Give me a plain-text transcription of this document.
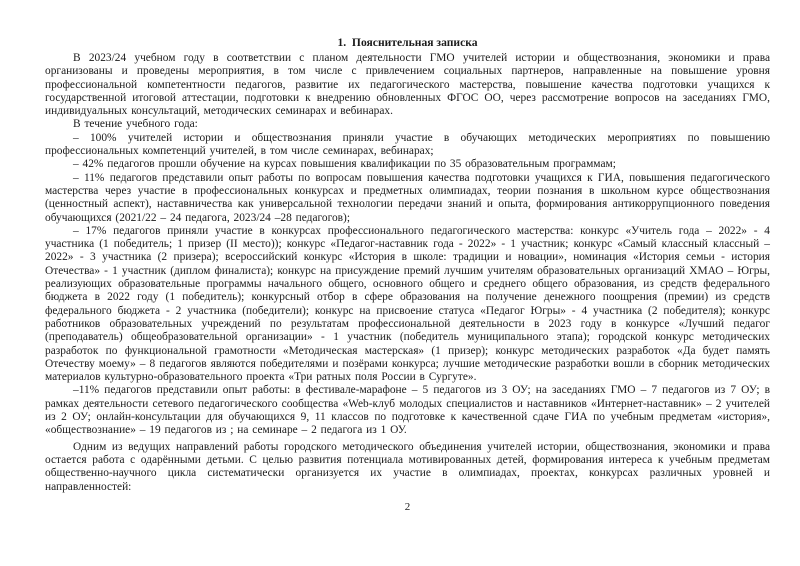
1.  Пояснительная записка

В 2023/24 учебном году в соответствии с планом деятельности ГМО учителей истории и обществознания, экономики и права организованы и проведены мероприятия, в том числе с привлечением социальных партнеров, направленные на повышение уровня профессиональной компетентности педагогов, развитие их педагогического мастерства, повышение качества подготовки учащихся к государственной итоговой аттестации, подготовки к внедрению обновленных ФГОС ОО, через рассмотрение вопросов на заседаниях ГМО, индивидуальных консультаций, методических семинарах и вебинарах.

В течение учебного года:

– 100% учителей истории и обществознания приняли участие в обучающих методических мероприятиях по повышению профессиональных компетенций учителей, в том числе семинарах, вебинарах;

– 42% педагогов прошли обучение на курсах повышения квалификации по 35 образовательным программам;

– 11% педагогов представили опыт работы по вопросам повышения качества подготовки учащихся к ГИА, повышения педагогического мастерства через участие в профессиональных конкурсах и предметных олимпиадах, теории познания в школьном курсе обществознания (ценностный аспект), наставничества как универсальной технологии передачи знаний и опыта, формирования антикоррупционного поведения обучающихся (2021/22 – 24 педагога, 2023/24 –28 педагогов);

– 17% педагогов приняли участие в конкурсах профессионального педагогического мастерства: конкурс «Учитель года – 2022» - 4 участника (1 победитель; 1 призер (II место)); конкурс «Педагог-наставник года - 2022» - 1 участник; конкурс «Самый классный классный – 2022» - 3 участника (2 призера); всероссийский конкурс «История в школе: традиции и новации», номинация «История семьи - история Отечества» - 1 участник (диплом финалиста); конкурс на присуждение премий лучшим учителям образовательных организаций ХМАО – Югры, реализующих образовательные программы начального общего, основного общего и среднего общего образования, из средств федерального бюджета в 2022 году (1 победитель); конкурсный отбор в сфере образования на получение денежного поощрения (премии) из средств федерального бюджета - 2 участника (победители); конкурс на присвоение статуса «Педагог Югры» - 4 участника (2 победителя); конкурс работников образовательных учреждений по результатам профессиональной деятельности в 2023 году в конкурсе «Лучший педагог (преподаватель) общеобразовательной организации» - 1 участник (победитель муниципального этапа); городской конкурс методических разработок по функциональной грамотности «Методическая мастерская» (1 призер); конкурс методических разработок «Да будет память Отечеству моему» – 8 педагогов являются победителями и позёрами конкурса; лучшие методические разработки вошли в сборник методических материалов культурно-образовательного проекта «Три ратных поля России в Сургуте».

–11% педагогов представили опыт работы: в фестивале-марафоне – 5 педагогов из 3 ОУ; на заседаниях ГМО – 7 педагогов из 7 ОУ; в рамках деятельности сетевого педагогического сообщества «Web-клуб молодых специалистов и наставников «Интернет-наставник» – 2 учителей из 2 ОУ; онлайн-консультации для обучающихся 9, 11 классов по подготовке к качественной сдаче ГИА по учебным предметам «история», «обществознание» – 19 педагогов из ; на семинаре – 2 педагога из 1 ОУ.

Одним из ведущих направлений работы городского методического объединения учителей истории, обществознания, экономики и права остается работа с одарёнными детьми. С целью развития потенциала мотивированных детей, формирования интереса к учебным предметам общественно-научного цикла систематически организуется их участие в олимпиадах, проектах, конкурсах различных уровней и направленностей:

2
